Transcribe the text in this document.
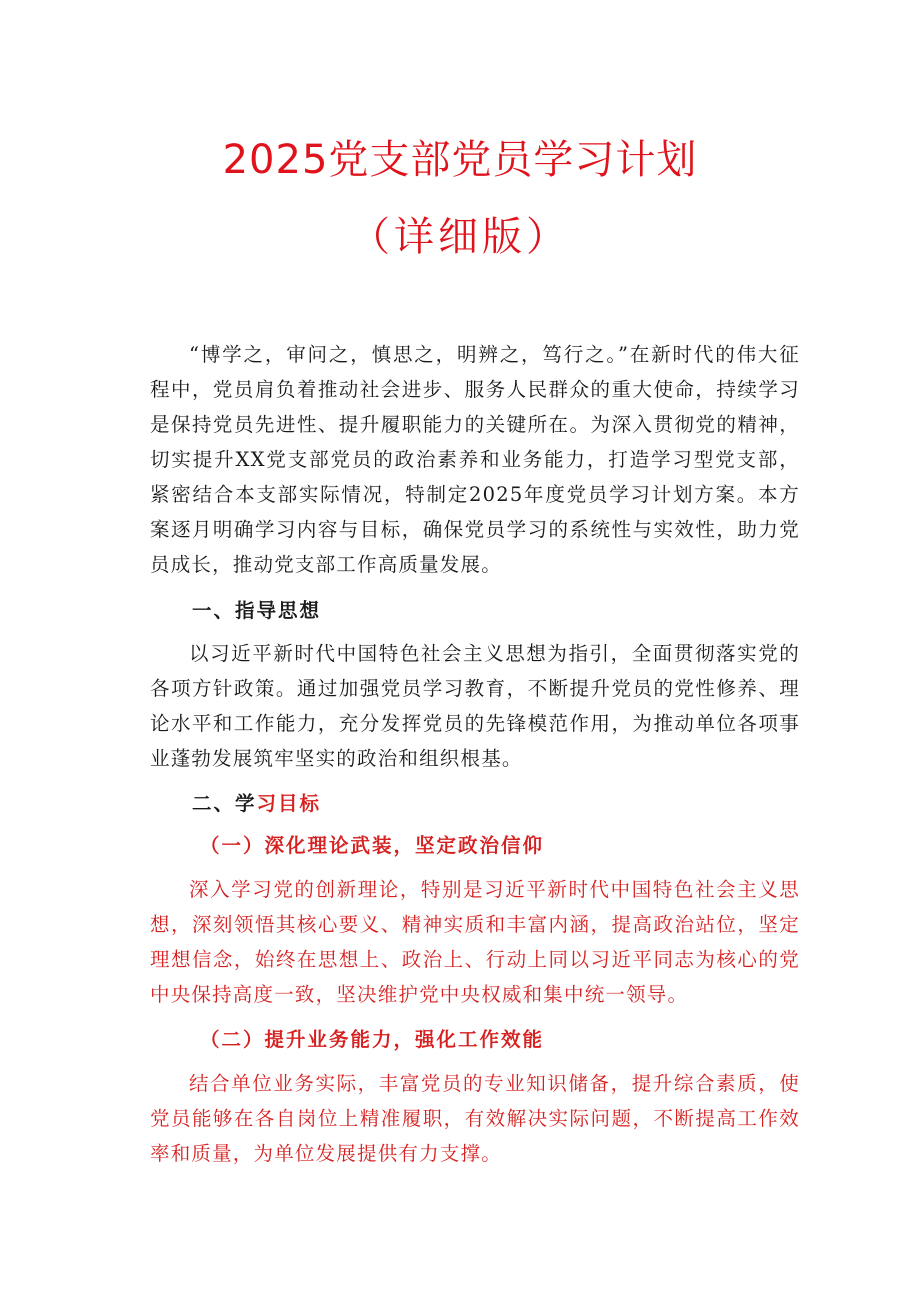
2025党支部党员学习计划
（详细版）

“博学之，审问之，慎思之，明辨之，笃行之。”在新时代的伟大征程中，党员肩负着推动社会进步、服务人民群众的重大使命，持续学习是保持党员先进性、提升履职能力的关键所在。为深入贯彻党的精神，切实提升XX党支部党员的政治素养和业务能力，打造学习型党支部，紧密结合本支部实际情况，特制定2025年度党员学习计划方案。本方案逐月明确学习内容与目标，确保党员学习的系统性与实效性，助力党员成长，推动党支部工作高质量发展。

一、指导思想

以习近平新时代中国特色社会主义思想为指引，全面贯彻落实党的各项方针政策。通过加强党员学习教育，不断提升党员的党性修养、理论水平和工作能力，充分发挥党员的先锋模范作用，为推动单位各项事业蓬勃发展筑牢坚实的政治和组织根基。

二、学习目标

（一）深化理论武装，坚定政治信仰

深入学习党的创新理论，特别是习近平新时代中国特色社会主义思想，深刻领悟其核心要义、精神实质和丰富内涵，提高政治站位，坚定理想信念，始终在思想上、政治上、行动上同以习近平同志为核心的党中央保持高度一致，坚决维护党中央权威和集中统一领导。

（二）提升业务能力，强化工作效能

结合单位业务实际，丰富党员的专业知识储备，提升综合素质，使党员能够在各自岗位上精准履职，有效解决实际问题，不断提高工作效率和质量，为单位发展提供有力支撑。
